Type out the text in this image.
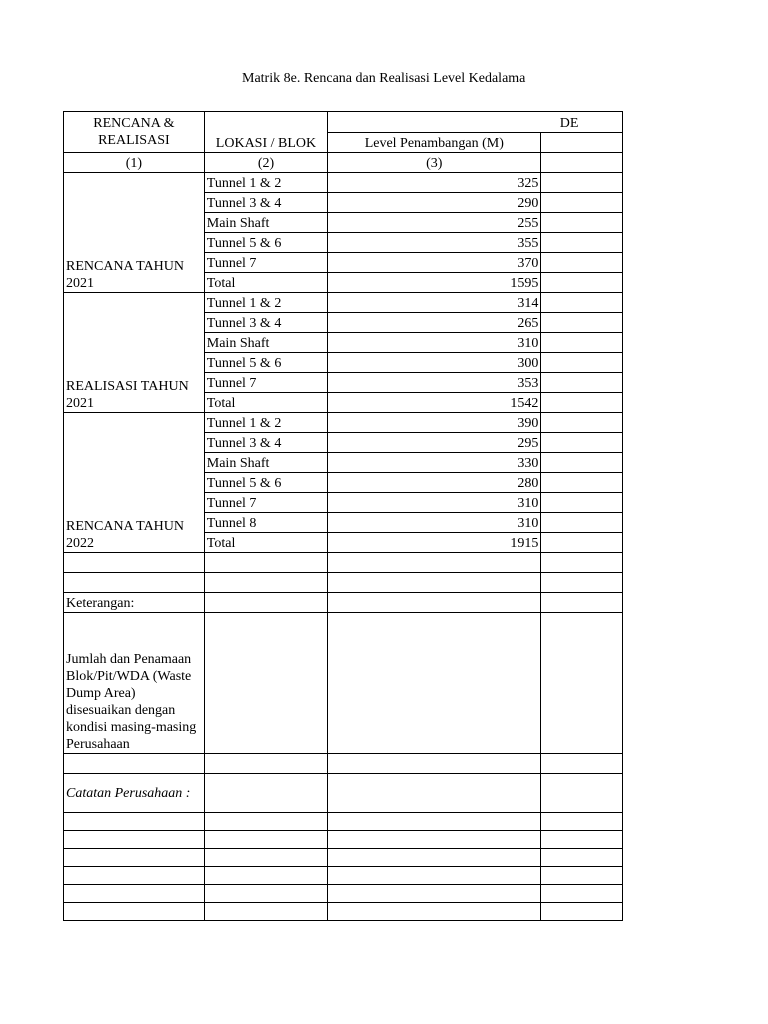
Matrik 8e. Rencana dan Realisasi Level Kedalama
RENCANA & REALISASI	LOKASI / BLOK	DE	
		Level Penambangan (M)	
(1)	(2)	(3)	
RENCANA TAHUN 2021	Tunnel 1 & 2	325	
	Tunnel 3 & 4	290	
	Main Shaft	255	
	Tunnel 5 & 6	355	
	Tunnel 7	370	
	Total	1595	
REALISASI TAHUN 2021	Tunnel 1 & 2	314	
	Tunnel 3 & 4	265	
	Main Shaft	310	
	Tunnel 5 & 6	300	
	Tunnel 7	353	
	Total	1542	
RENCANA TAHUN 2022	Tunnel 1 & 2	390	
	Tunnel 3 & 4	295	
	Main Shaft	330	
	Tunnel 5 & 6	280	
	Tunnel 7	310	
	Tunnel 8	310	
	Total	1915	

Keterangan:			
Jumlah dan Penamaan Blok/Pit/WDA (Waste Dump Area) disesuaikan dengan kondisi masing-masing Perusahaan			

Catatan Perusahaan :			
